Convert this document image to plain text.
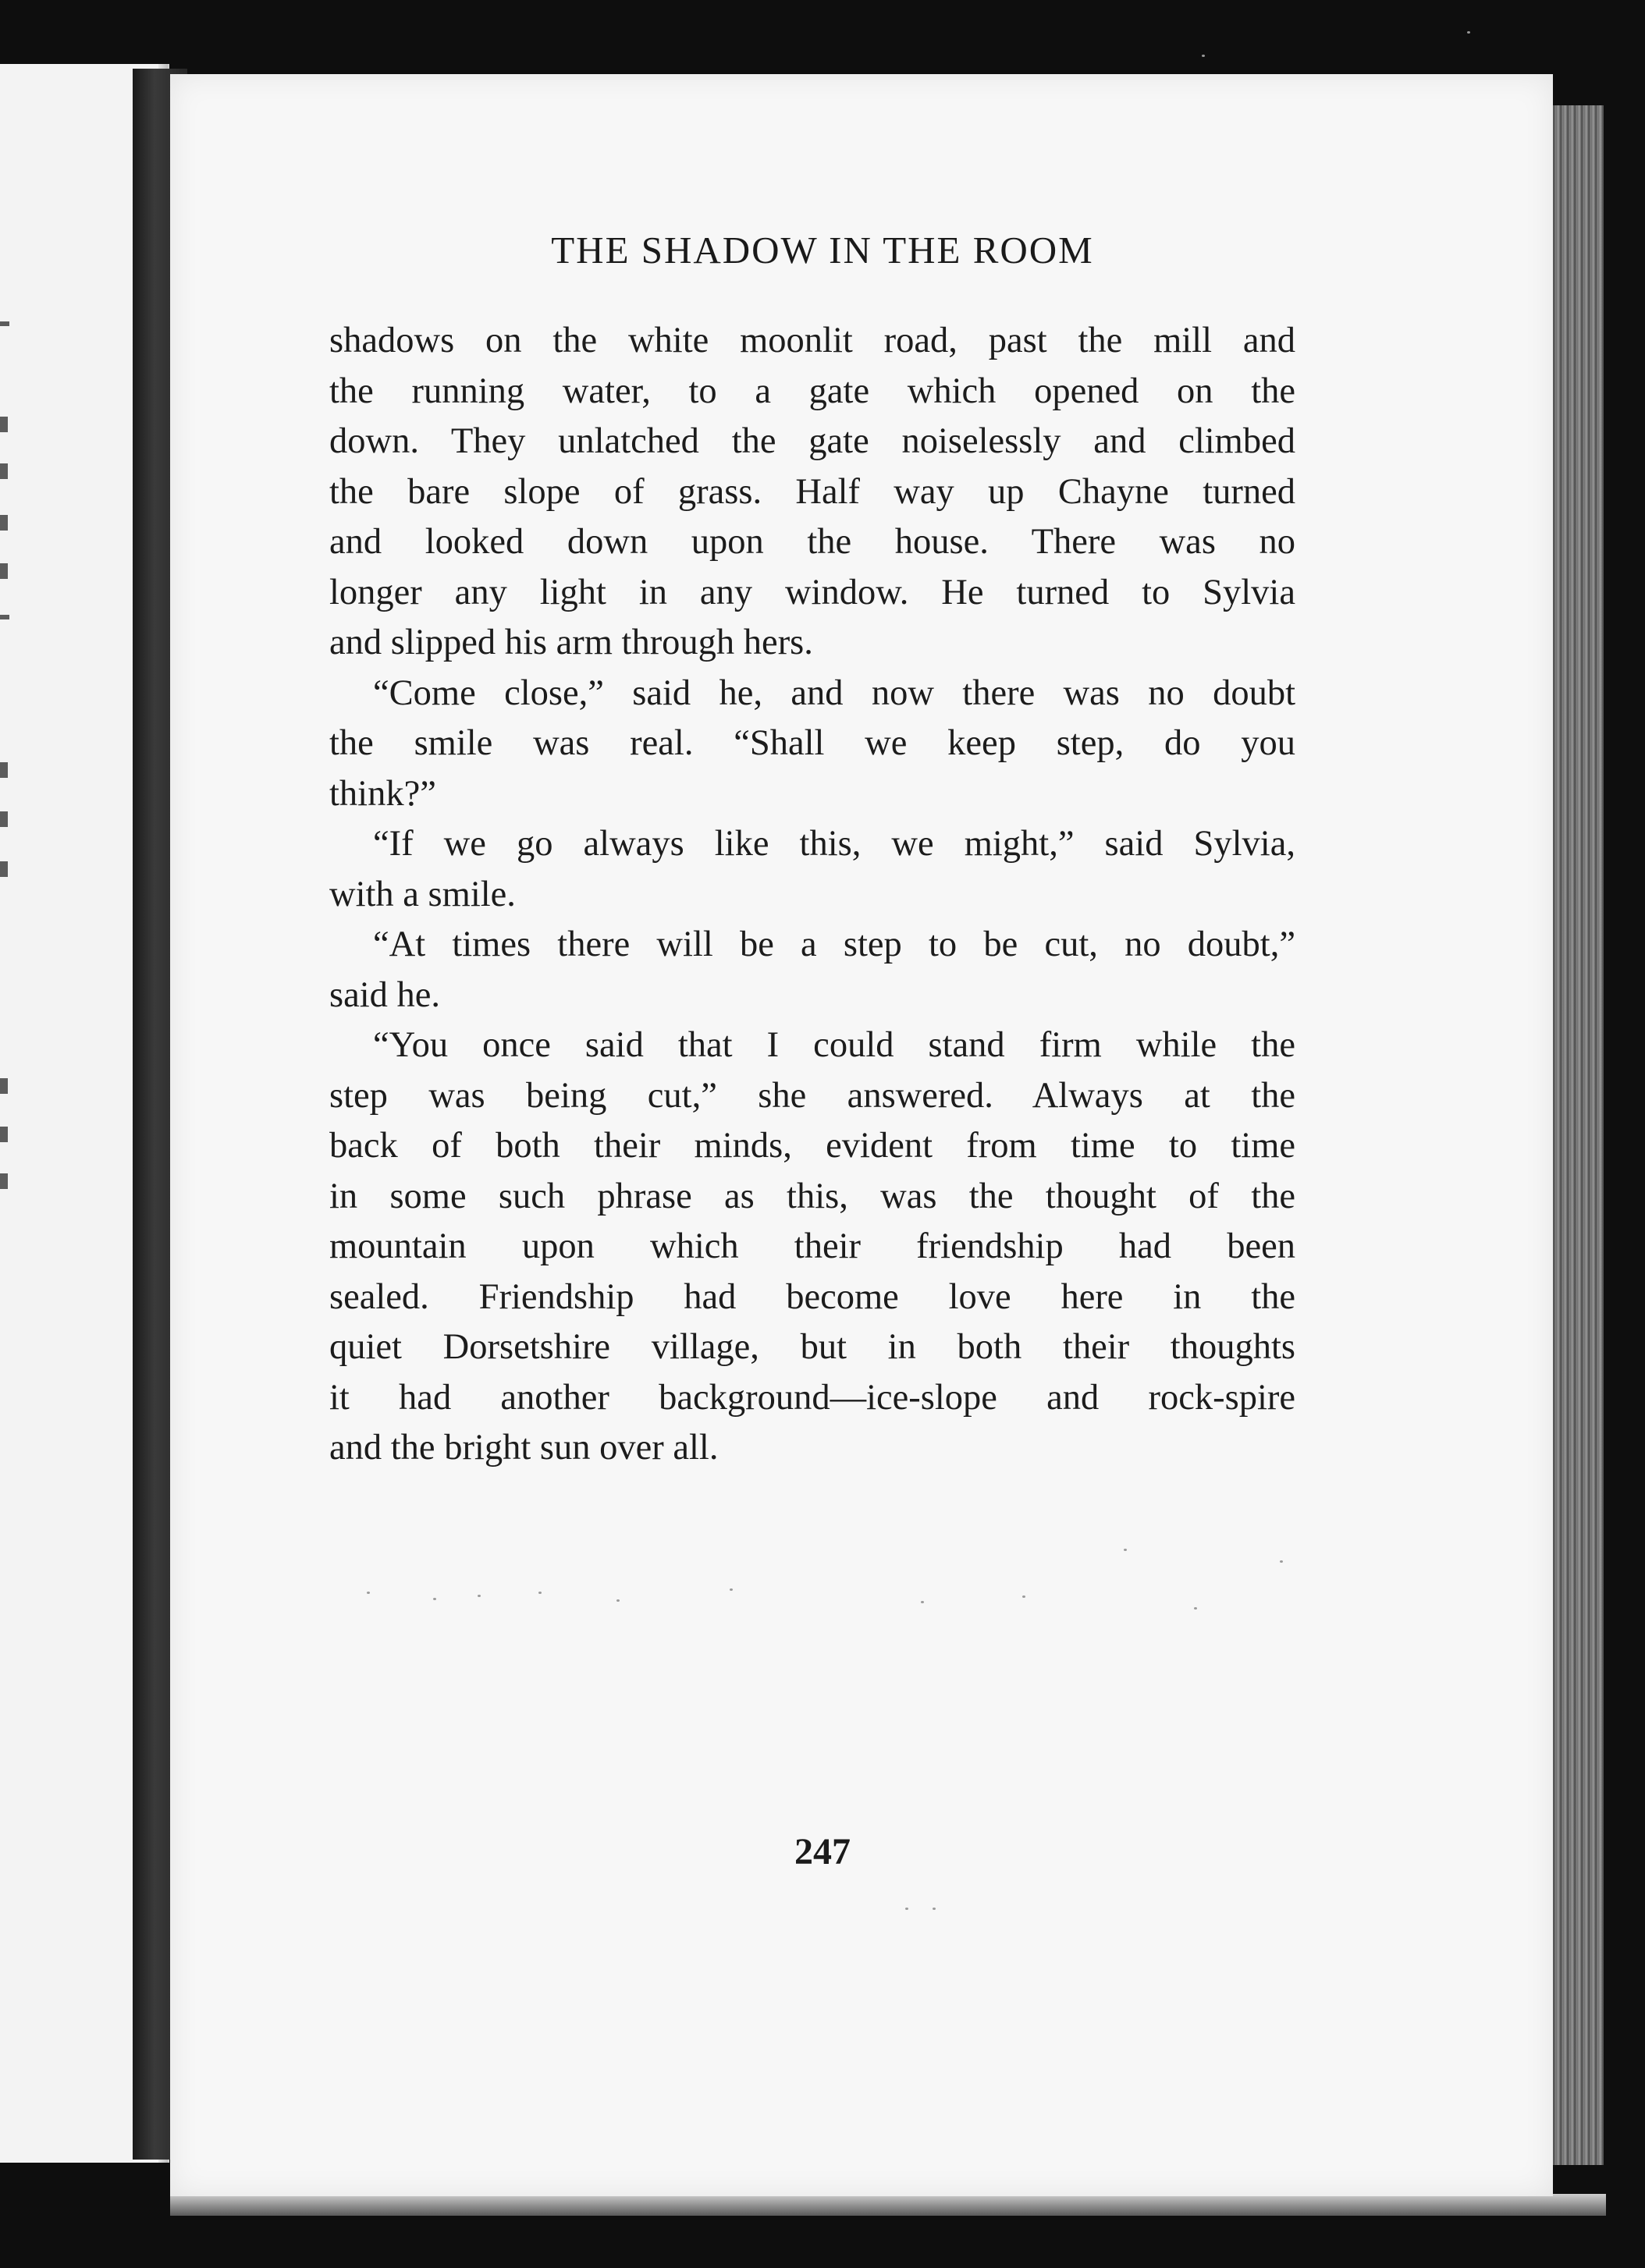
THE SHADOW IN THE ROOM

shadows on the white moonlit road, past the mill and
the running water, to a gate which opened on the
down. They unlatched the gate noiselessly and climbed
the bare slope of grass. Half way up Chayne turned
and looked down upon the house. There was no
longer any light in any window. He turned to Sylvia
and slipped his arm through hers.

“Come close,” said he, and now there was no doubt
the smile was real. “Shall we keep step, do you
think?”

“If we go always like this, we might,” said Sylvia,
with a smile.

“At times there will be a step to be cut, no doubt,”
said he.

“You once said that I could stand firm while the
step was being cut,” she answered. Always at the
back of both their minds, evident from time to time
in some such phrase as this, was the thought of the
mountain upon which their friendship had been
sealed. Friendship had become love here in the
quiet Dorsetshire village, but in both their thoughts
it had another background—ice-slope and rock-spire
and the bright sun over all.

247
